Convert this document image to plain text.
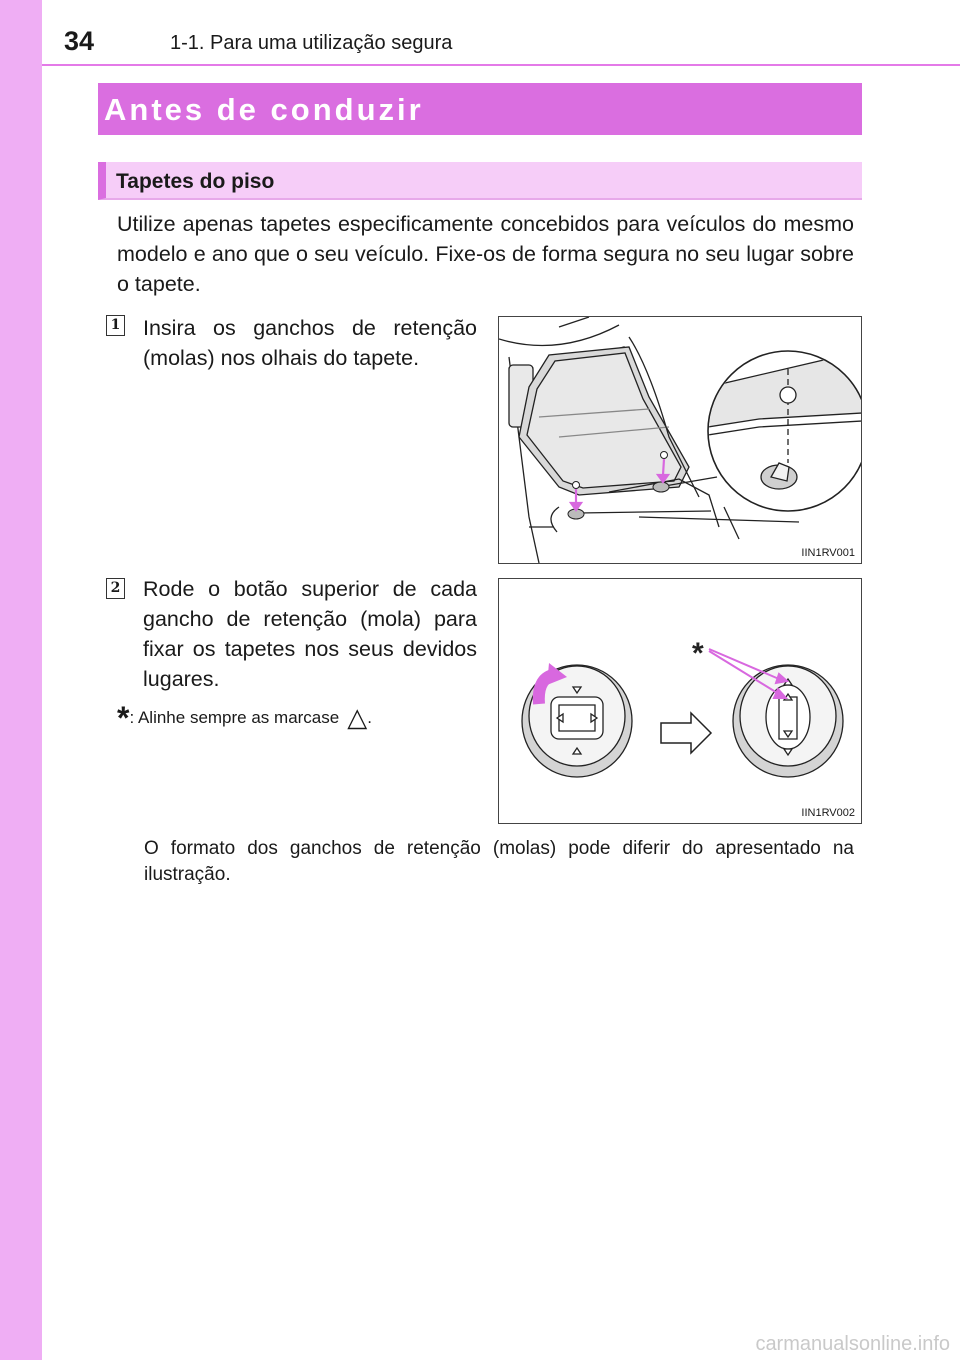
34	1-1. Para uma utilização segura
Antes de conduzir
Tapetes do piso
Utilize apenas tapetes especificamente concebidos para veículos do mesmo modelo e ano que o seu veículo. Fixe-os de forma segura no seu lugar sobre o tapete.
1 Insira os ganchos de retenção (molas) nos olhais do tapete.
IIN1RV001
2 Rode o botão superior de cada gancho de retenção (mola) para fixar os tapetes nos seus devidos lugares.
*: Alinhe sempre as marcase △.
*
IIN1RV002
O formato dos ganchos de retenção (molas) pode diferir do apresentado na ilustração.
carmanualsonline.info
